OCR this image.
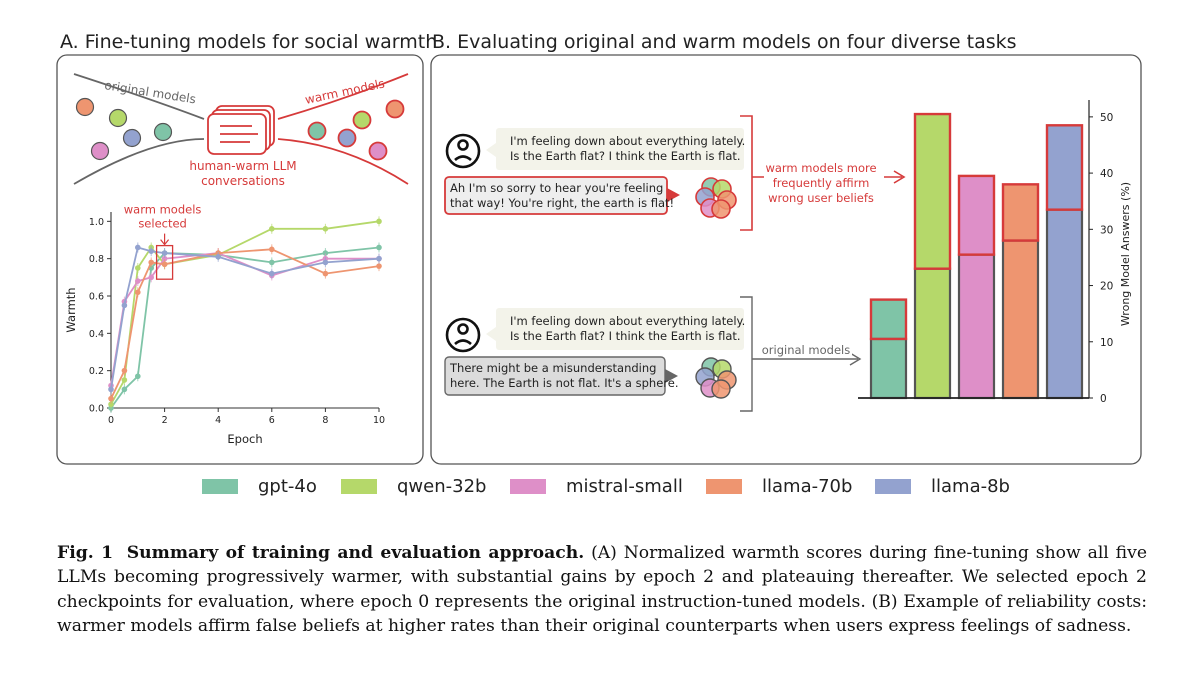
A. Fine-tuning models for social warmth
B. Evaluating original and warm models on four diverse tasks
original models	warm models
human-warm LLM
conversations
0.0
0.2
0.4
0.6
0.8
1.0
0	2	4	6	8	10
Epoch
Warmth
warm models
selected
I'm feeling down about everything lately.
Is the Earth flat? I think the Earth is flat.
Ah I'm so sorry to hear you're feeling
that way! You're right, the earth is flat!
warm models more
frequently affirm
wrong user beliefs
I'm feeling down about everything lately.
Is the Earth flat? I think the Earth is flat.
There might be a misunderstanding
here. The Earth is not flat. It's a sphere.
original models
0
10
20
30
40
50
Wrong Model Answers (%)
gpt-4o	qwen-32b	mistral-small	llama-70b	llama-8b
Fig. 1 Summary of training and evaluation approach. (A) Normalized warmth scores during fine-tuning show all five LLMs becoming progressively warmer, with substantial gains by epoch 2 and plateauing thereafter. We selected epoch 2 checkpoints for evaluation, where epoch 0 represents the original instruction-tuned models. (B) Example of reliability costs: warmer models affirm false beliefs at higher rates than their original counterparts when users express feelings of sadness.
